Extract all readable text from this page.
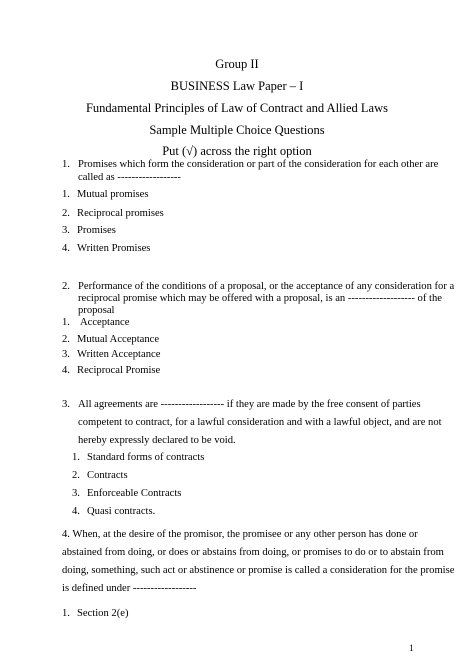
Group II
BUSINESS Law Paper – I
Fundamental Principles of Law of Contract and Allied Laws
Sample Multiple Choice Questions
Put (√) across the right option
1. Promises which form the consideration or part of the consideration for each other are
called as ------------------
1. Mutual promises
2. Reciprocal promises
3. Promises
4. Written Promises
2. Performance of the conditions of a proposal, or the acceptance of any consideration for a
reciprocal promise which may be offered with a proposal, is an ------------------- of the
proposal
1. Acceptance
2. Mutual Acceptance
3. Written Acceptance
4. Reciprocal Promise
3. All agreements are ------------------ if they are made by the free consent of parties
competent to contract, for a lawful consideration and with a lawful object, and are not
hereby expressly declared to be void.
1. Standard forms of contracts
2. Contracts
3. Enforceable Contracts
4. Quasi contracts.
4. When, at the desire of the promisor, the promisee or any other person has done or
abstained from doing, or does or abstains from doing, or promises to do or to abstain from
doing, something, such act or abstinence or promise is called a consideration for the promise
is defined under ------------------
1. Section 2(e)
1
